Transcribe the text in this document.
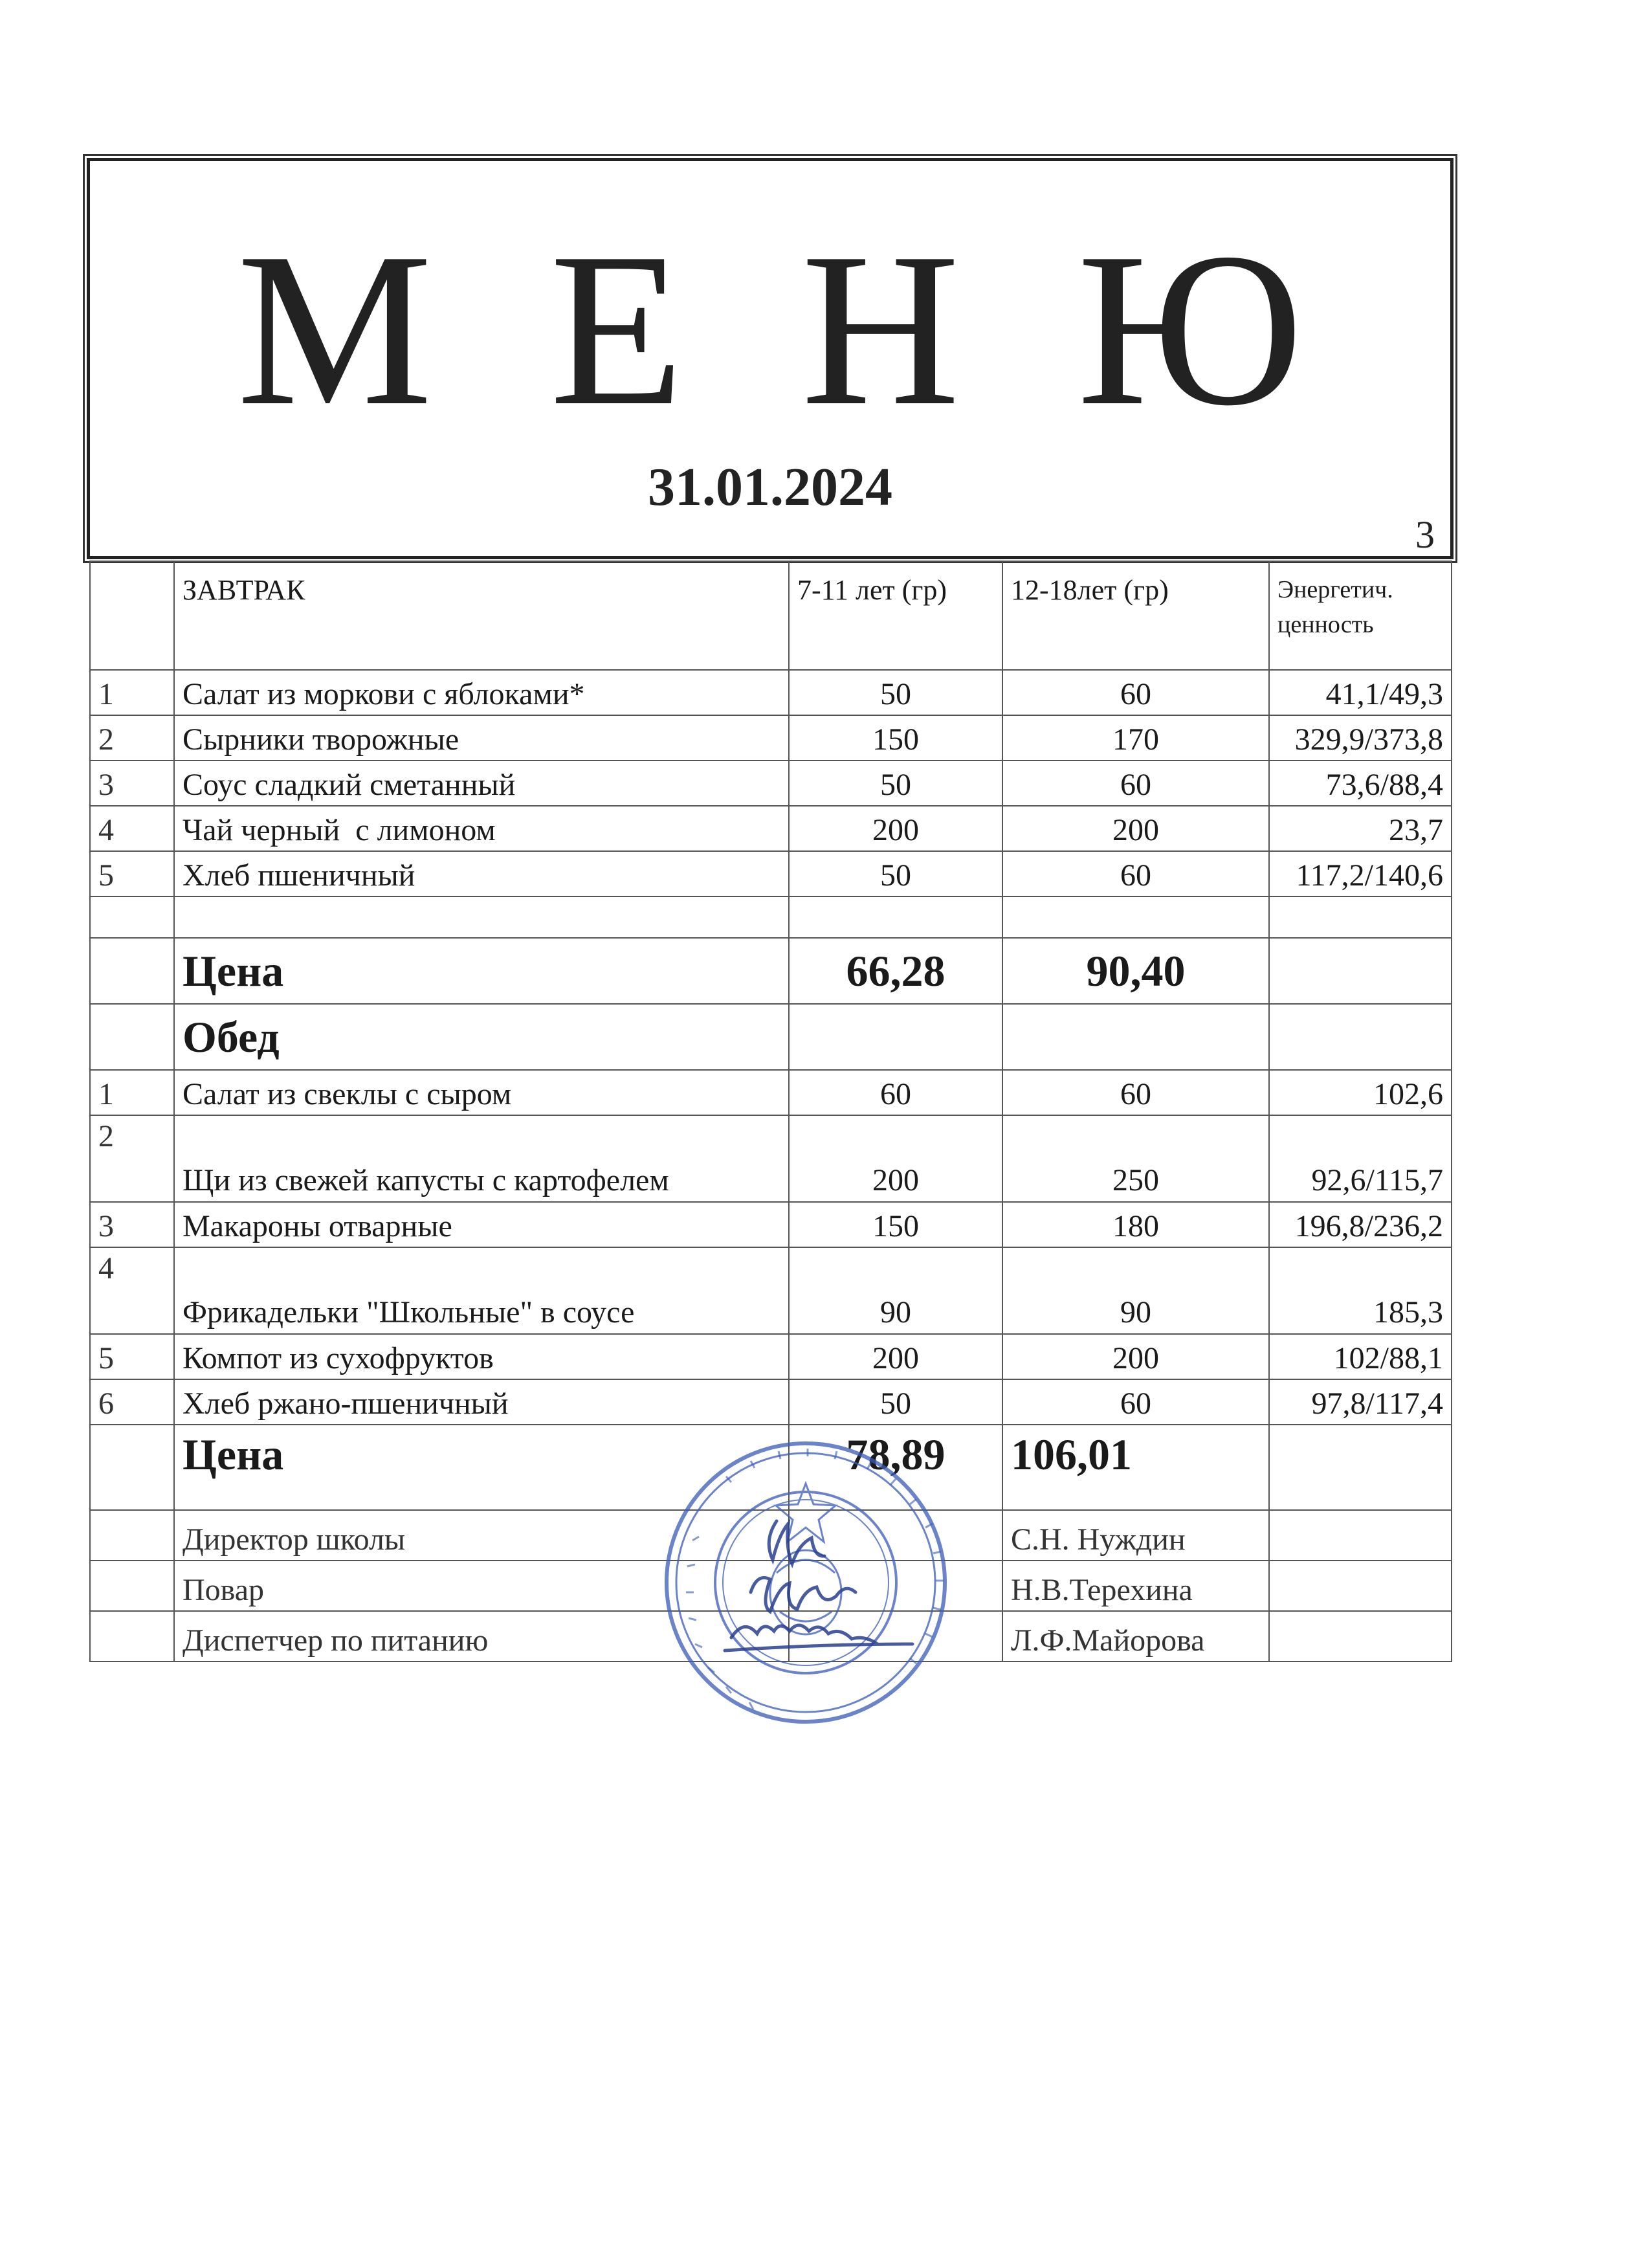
М Е Н Ю
31.01.2024
3
	ЗАВТРАК	7-11 лет (гр)	12-18лет (гр)	Энергетич. ценность
1	Салат из моркови с яблоками*	50	60	41,1/49,3
2	Сырники творожные	150	170	329,9/373,8
3	Соус сладкий сметанный	50	60	73,6/88,4
4	Чай черный  с лимоном	200	200	23,7
5	Хлеб пшеничный	50	60	117,2/140,6

	Цена	66,28	90,40	
	Обед			
1	Салат из свеклы с сыром	60	60	102,6
2	Щи из свежей капусты с картофелем	200	250	92,6/115,7
3	Макароны отварные	150	180	196,8/236,2
4	Фрикадельки "Школьные" в соусе	90	90	185,3
5	Компот из сухофруктов	200	200	102/88,1
6	Хлеб ржано-пшеничный	50	60	97,8/117,4
	Цена	78,89	106,01	
	Директор школы		С.Н. Нуждин	
	Повар		Н.В.Терехина	
	Диспетчер по питанию		Л.Ф.Майорова	
